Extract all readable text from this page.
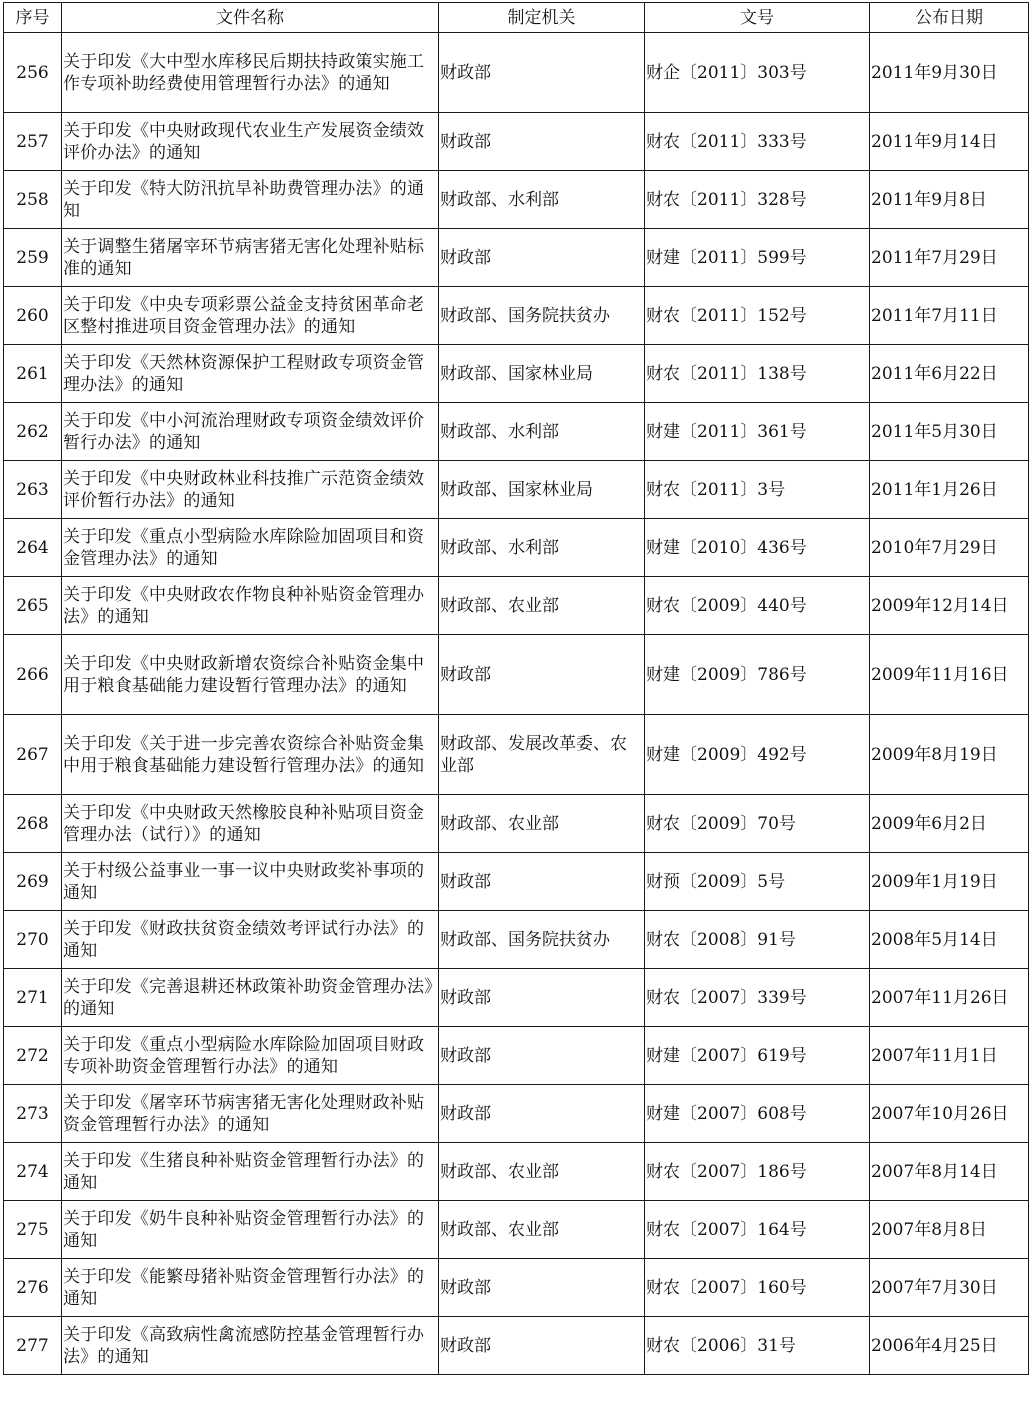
序号	文件名称	制定机关	文号	公布日期
256	关于印发《大中型水库移民后期扶持政策实施工作专项补助经费使用管理暂行办法》的通知	财政部	财企〔2011〕303号	2011年9月30日
257	关于印发《中央财政现代农业生产发展资金绩效评价办法》的通知	财政部	财农〔2011〕333号	2011年9月14日
258	关于印发《特大防汛抗旱补助费管理办法》的通知	财政部、水利部	财农〔2011〕328号	2011年9月8日
259	关于调整生猪屠宰环节病害猪无害化处理补贴标准的通知	财政部	财建〔2011〕599号	2011年7月29日
260	关于印发《中央专项彩票公益金支持贫困革命老区整村推进项目资金管理办法》的通知	财政部、国务院扶贫办	财农〔2011〕152号	2011年7月11日
261	关于印发《天然林资源保护工程财政专项资金管理办法》的通知	财政部、国家林业局	财农〔2011〕138号	2011年6月22日
262	关于印发《中小河流治理财政专项资金绩效评价暂行办法》的通知	财政部、水利部	财建〔2011〕361号	2011年5月30日
263	关于印发《中央财政林业科技推广示范资金绩效评价暂行办法》的通知	财政部、国家林业局	财农〔2011〕3号	2011年1月26日
264	关于印发《重点小型病险水库除险加固项目和资金管理办法》的通知	财政部、水利部	财建〔2010〕436号	2010年7月29日
265	关于印发《中央财政农作物良种补贴资金管理办法》的通知	财政部、农业部	财农〔2009〕440号	2009年12月14日
266	关于印发《中央财政新增农资综合补贴资金集中用于粮食基础能力建设暂行管理办法》的通知	财政部	财建〔2009〕786号	2009年11月16日
267	关于印发《关于进一步完善农资综合补贴资金集中用于粮食基础能力建设暂行管理办法》的通知	财政部、发展改革委、农业部	财建〔2009〕492号	2009年8月19日
268	关于印发《中央财政天然橡胶良种补贴项目资金管理办法（试行）》的通知	财政部、农业部	财农〔2009〕70号	2009年6月2日
269	关于村级公益事业一事一议中央财政奖补事项的通知	财政部	财预〔2009〕5号	2009年1月19日
270	关于印发《财政扶贫资金绩效考评试行办法》的通知	财政部、国务院扶贫办	财农〔2008〕91号	2008年5月14日
271	关于印发《完善退耕还林政策补助资金管理办法》的通知	财政部	财农〔2007〕339号	2007年11月26日
272	关于印发《重点小型病险水库除险加固项目财政专项补助资金管理暂行办法》的通知	财政部	财建〔2007〕619号	2007年11月1日
273	关于印发《屠宰环节病害猪无害化处理财政补贴资金管理暂行办法》的通知	财政部	财建〔2007〕608号	2007年10月26日
274	关于印发《生猪良种补贴资金管理暂行办法》的通知	财政部、农业部	财农〔2007〕186号	2007年8月14日
275	关于印发《奶牛良种补贴资金管理暂行办法》的通知	财政部、农业部	财农〔2007〕164号	2007年8月8日
276	关于印发《能繁母猪补贴资金管理暂行办法》的通知	财政部	财农〔2007〕160号	2007年7月30日
277	关于印发《高致病性禽流感防控基金管理暂行办法》的通知	财政部	财农〔2006〕31号	2006年4月25日
